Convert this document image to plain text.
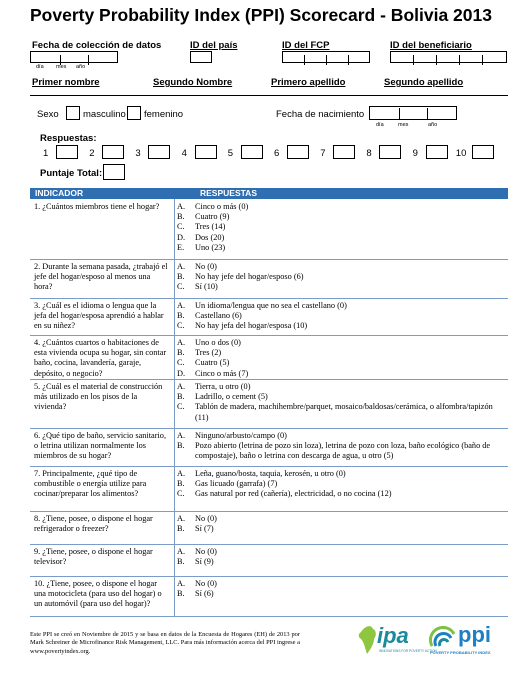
Poverty Probability Index (PPI) Scorecard - Bolivia 2013
Fecha de colección de datos
día mes año
ID del país	ID del FCP	ID del beneficiario
Primer nombre	Segundo Nombre	Primero apellido	Segundo apellido
Sexo	masculino femenino	Fecha de nacimiento
día	mes	año
Respuestas:
1	2	3	4	5	6	7	8	9	10
Puntaje Total:
INDICADOR	RESPUESTAS
1. ¿Cuántos miembros tiene el hogar?	A.	Cinco o más (0)
B.	Cuatro (9)
C.	Tres (14)
D.	Dos (20)
E.	Uno (23)
2. Durante la semana pasada, ¿trabajó el jefe del hogar/esposo al menos una hora?
A.	No (0)
B.	No hay jefe del hogar/esposo (6)
C.	Sí (10)
3. ¿Cuál es el idioma o lengua que la jefa del hogar/esposa aprendió a hablar en su niñez?
A.	Un idioma/lengua que no sea el castellano (0)
B.	Castellano (6)
C.	No hay jefa del hogar/esposa (10)
4. ¿Cuántos cuartos o habitaciones de esta vivienda ocupa su hogar, sin contar baño, cocina, lavandería, garaje, depósito, o negocio?
A.	Uno o dos (0)
B.	Tres (2)
C.	Cuatro (5)
D.	Cinco o más (7)
5. ¿Cuál es el material de construcción más utilizado en los pisos de la vivienda?
A.	Tierra, u otro (0)
B.	Ladrillo, o cement (5)
C.	Tablón de madera, machihembre/parquet, mosaico/baldosas/cerámica, o alfombra/tapizón (11)
6. ¿Qué tipo de baño, servicio sanitario, o letrina utilizan normalmente los miembros de su hogar?
A.	Ninguno/arbusto/campo (0)
B.	Pozo abierto (letrina de pozo sin loza), letrina de pozo con loza, baño ecológico (baño de compostaje), baño o letrina con descarga de agua, u otro (5)
7. Principalmente, ¿qué tipo de combustible o energía utilize para cocinar/preparar los alimentos?
A.	Leña, guano/bosta, taquia, kerosén, u otro (0)
B.	Gas licuado (garrafa) (7)
C.	Gas natural por red (cañería), electricidad, o no cocina (12)
8. ¿Tiene, posee, o dispone el hogar refrigerador o freezer?
A.	No (0)
B.	Sí (7)
9. ¿Tiene, posee, o dispone el hogar televisor?
A.	No (0)
B.	Sí (9)
10. ¿Tiene, posee, o dispone el hogar una motocicleta (para uso del hogar) o un automóvil (para uso del hogar)?
A.	No (0)
B.	Sí (6)
Este PPI se creó en Noviembre de 2015 y se basa en datos de la Encuesta de Hogares (EH) de 2013 por Mark Schreiner de Microfinance Risk Management, LLC. Para más información acerca del PPI ingrese a www.povertyindex.org.
ipa
INNOVATIONS FOR POVERTY ACTION
ppi
POVERTY PROBABILITY INDEX
